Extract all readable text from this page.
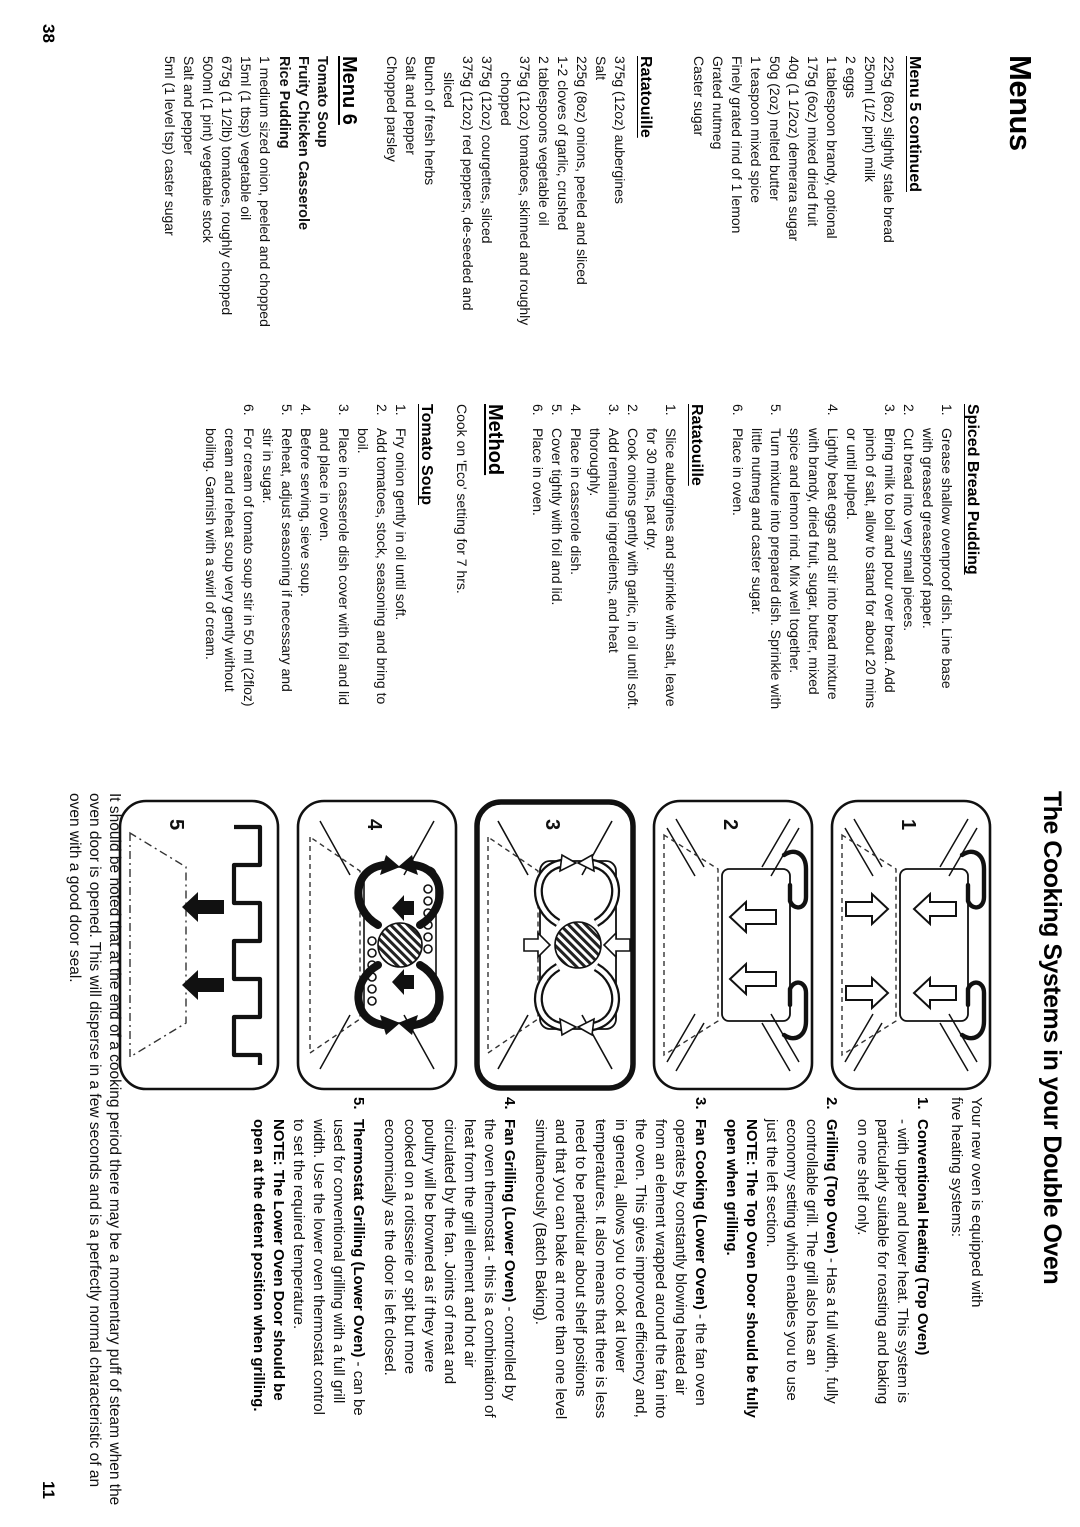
Menus
Menu 5 continued
225g (8oz) slightly stale bread
250ml (1/2 pint) milk
2 eggs
1 tablespoon brandy, optional
175g (6oz) mixed dried fruit
40g (1 1/2oz) demerara sugar
50g (2oz) melted butter
1 teaspoon mixed spice
Finely grated rind of 1 lemon
Grated nutmeg
Caster sugar
Ratatouille
375g (12oz) aubergines
Salt
225g (8oz) onions, peeled and sliced
1-2 cloves of garlic, crushed
2 tablespoons vegetable oil
375g (12oz) tomatoes, skinned and roughly chopped
375g (12oz) courgettes, sliced
375g (12oz) red peppers, de-seeded and sliced
Bunch of fresh herbs
Salt and pepper
Chopped parsley
Menu 6
Tomato Soup
Fruity Chicken Casserole
Rice Pudding
1 medium sized onion, peeled and chopped
15ml (1 tbsp) vegetable oil
675g (1 1/2lb) tomatoes, roughly chopped
500ml (1 pint) vegetable stock
Salt and pepper
5ml (1 level tsp) caster sugar
Spiced Bread Pudding
1.
Grease shallow ovenproof dish. Line base with greased greaseproof paper.
2.
Cut bread into very small pieces.
3.
Bring milk to boil and pour over bread. Add pinch of salt, allow to stand for about 20 mins or until pulped.
4.
Lightly beat eggs and stir into bread mixture with brandy, dried fruit, sugar, butter, mixed spice and lemon rind. Mix well together.
5.
Turn mixture into prepared dish. Sprinkle with little nutmeg and caster sugar.
6.
Place in oven.
Ratatouille
1.
Slice aubergines and sprinkle with salt, leave for 30 mins, pat dry.
2.
Cook onions gently with garlic, in oil until soft.
3.
Add remaining ingredients, and heat thoroughly.
4.
Place in casserole dish.
5.
Cover tightly with foil and lid.
6.
Place in oven.
Method
Cook on 'Eco' setting for 7 hrs.
Tomato Soup
1.
Fry onion gently in oil until soft.
2.
Add tomatoes, stock, seasoning and bring to boil.
3.
Place in casserole dish cover with foil and lid and place in oven.
4.
Before serving, sieve soup.
5.
Reheat, adjust seasoning if necessary and stir in sugar.
6.
For cream of tomato soup stir in 50 ml (2floz) cream and reheat soup very gently without boiling. Garnish with a swirl of cream.
38
The Cooking Systems in your Double Oven
Your new oven is equipped with five heating systems:
1.
Conventional Heating (Top Oven)
- with upper and lower heat. This system is particularly suitable for roasting and baking on one shelf only.
2.
Grilling (Top Oven) - Has a full width, fully controllable grill. The grill also has an economy setting which enables you to use just the left section.
NOTE: The Top Oven Door should be fully open when grilling.
3.
Fan Cooking (Lower Oven) - the fan oven operates by constantly blowing heated air from an element wrapped around the fan into the oven. This gives improved efficiency and, in general, allows you to cook at lower temperatures. It also means that there is less need to be particular about shelf positions and that you can bake at more than one level simultaneously (Batch Baking).
4.
Fan Grilling (Lower Oven) - controlled by the oven thermostat - this is a combination of heat from the grill element and hot air circulated by the fan. Joints of meat and poultry will be browned as if they were cooked on a rotisserie or spit but more economically as the door is left closed.
5.
Thermostat Grilling (Lower Oven) - can be used for conventional grilling with a full grill width. Use the lower oven thermostat control to set the required temperature.
NOTE: The Lower Oven Door should be open at the detent position when grilling.
1
2
3
4
5
It should be noted that at the end of a cooking period there may be a momentary puff of steam when the oven door is opened. This will disperse in a few seconds and is a perfectly normal characteristic of an oven with a good door seal.
11
